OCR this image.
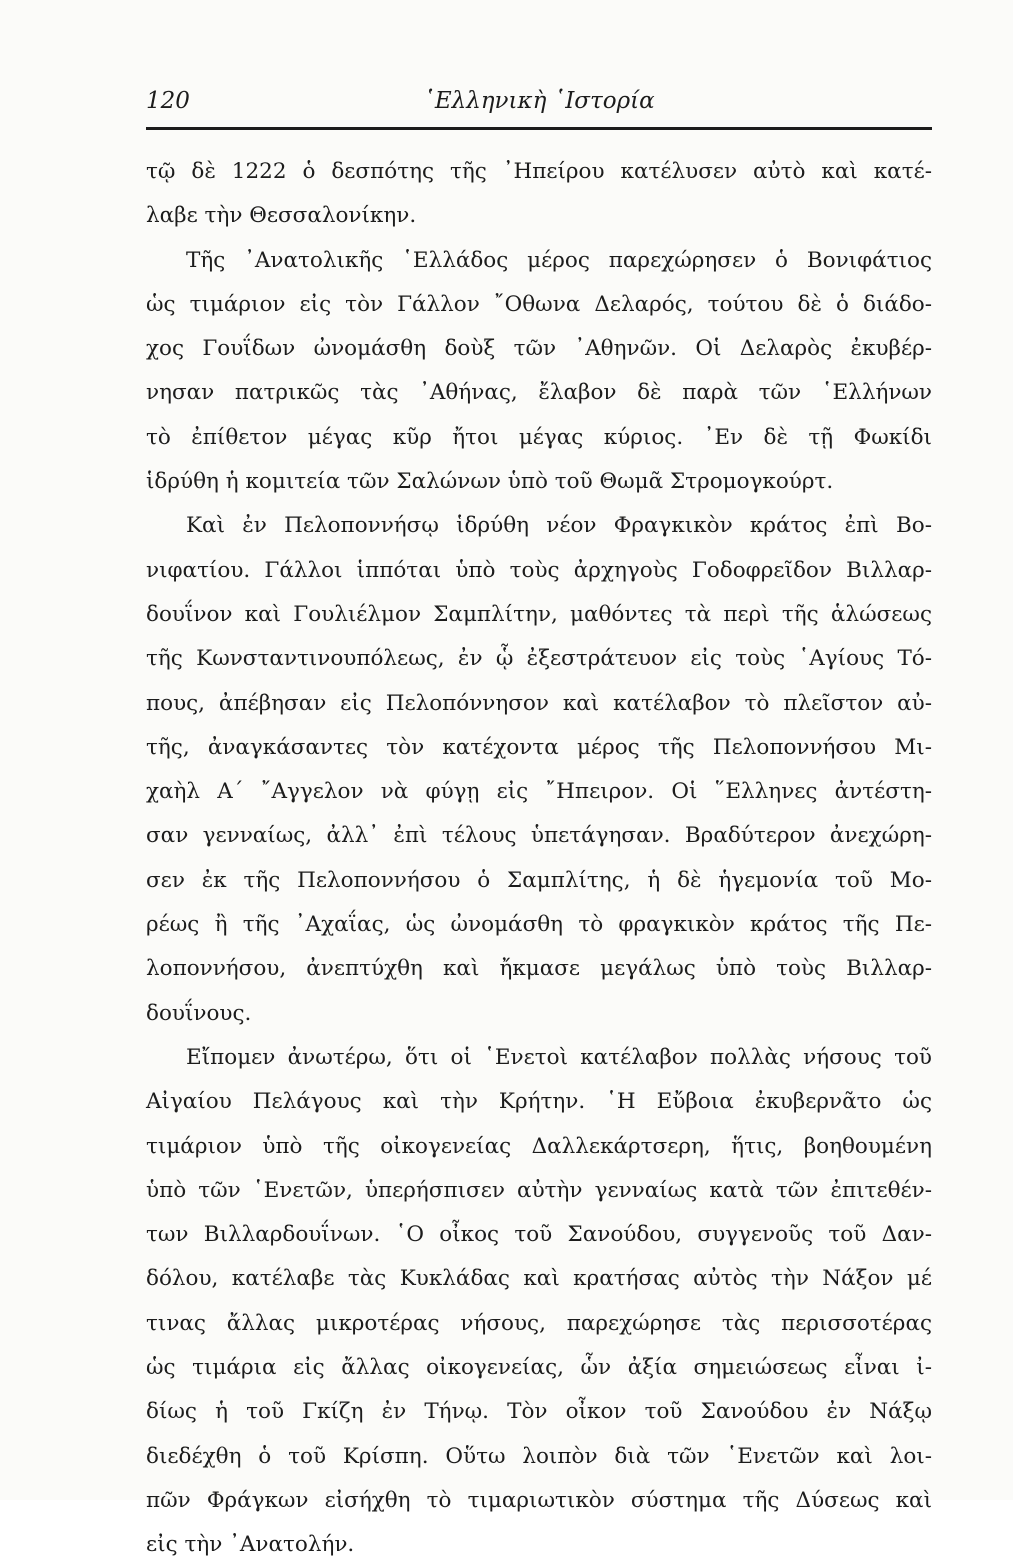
120	῾Ελληνικὴ ῾Ιστορία
τῷ δὲ 1222 ὁ δεσπότης τῆς ᾿Ηπείρου κατέλυσεν αὐτὸ καὶ κατέ-
λαβε τὴν Θεσσαλονίκην.
Τῆς ᾿Ανατολικῆς ῾Ελλάδος μέρος παρεχώρησεν ὁ Βονιφάτιος
ὡς τιμάριον εἰς τὸν Γάλλον ῎Οθωνα Δελαρός, τούτου δὲ ὁ διάδο-
χος Γουΐδων ὠνομάσθη δοὺξ τῶν ᾿Αθηνῶν. Οἱ Δελαρὸς ἐκυβέρ-
νησαν πατρικῶς τὰς ᾿Αθήνας, ἔλαβον δὲ παρὰ τῶν ῾Ελλήνων
τὸ ἐπίθετον μέγας κῦρ ἤτοι μέγας κύριος. ᾿Εν δὲ τῇ Φωκίδι
ἱδρύθη ἡ κομιτεία τῶν Σαλώνων ὑπὸ τοῦ Θωμᾶ Στρομογκούρτ.
Καὶ ἐν Πελοποννήσῳ ἱδρύθη νέον Φραγκικὸν κράτος ἐπὶ Βο-
νιφατίου. Γάλλοι ἱππόται ὑπὸ τοὺς ἀρχηγοὺς Γοδοφρεῖδον Βιλλαρ-
δουΐνον καὶ Γουλιέλμον Σαμπλίτην, μαθόντες τὰ περὶ τῆς ἁλώσεως
τῆς Κωνσταντινουπόλεως, ἐν ᾧ ἐξεστράτευον εἰς τοὺς ῾Αγίους Τό-
πους, ἀπέβησαν εἰς Πελοπόννησον καὶ κατέλαβον τὸ πλεῖστον αὐ-
τῆς, ἀναγκάσαντες τὸν κατέχοντα μέρος τῆς Πελοποννήσου Μι-
χαὴλ Α΄ ῎Αγγελον νὰ φύγῃ εἰς ῎Ηπειρον. Οἱ ῞Ελληνες ἀντέστη-
σαν γενναίως, ἀλλ᾿ ἐπὶ τέλους ὑπετάγησαν. Βραδύτερον ἀνεχώρη-
σεν ἐκ τῆς Πελοποννήσου ὁ Σαμπλίτης, ἡ δὲ ἡγεμονία τοῦ Μο-
ρέως ἢ τῆς ᾿Αχαΐας, ὡς ὠνομάσθη τὸ φραγκικὸν κράτος τῆς Πε-
λοποννήσου, ἀνεπτύχθη καὶ ἤκμασε μεγάλως ὑπὸ τοὺς Βιλλαρ-
δουΐνους.
Εἴπομεν ἀνωτέρω, ὅτι οἱ ῾Ενετοὶ κατέλαβον πολλὰς νήσους τοῦ
Αἰγαίου Πελάγους καὶ τὴν Κρήτην. ῾Η Εὔβοια ἐκυβερνᾶτο ὡς
τιμάριον ὑπὸ τῆς οἰκογενείας Δαλλεκάρτσερη, ἥτις, βοηθουμένη
ὑπὸ τῶν ῾Ενετῶν, ὑπερήσπισεν αὐτὴν γενναίως κατὰ τῶν ἐπιτεθέν-
των Βιλλαρδουΐνων. ῾Ο οἶκος τοῦ Σανούδου, συγγενοῦς τοῦ Δαν-
δόλου, κατέλαβε τὰς Κυκλάδας καὶ κρατήσας αὐτὸς τὴν Νάξον μέ
τινας ἄλλας μικροτέρας νήσους, παρεχώρησε τὰς περισσοτέρας
ὡς τιμάρια εἰς ἄλλας οἰκογενείας, ὧν ἀξία σημειώσεως εἶναι ἰ-
δίως ἡ τοῦ Γκίζη ἐν Τήνῳ. Τὸν οἶκον τοῦ Σανούδου ἐν Νάξῳ
διεδέχθη ὁ τοῦ Κρίσπη. Οὕτω λοιπὸν διὰ τῶν ῾Ενετῶν καὶ λοι-
πῶν Φράγκων εἰσήχθη τὸ τιμαριωτικὸν σύστημα τῆς Δύσεως καὶ
εἰς τὴν ᾿Ανατολήν.
